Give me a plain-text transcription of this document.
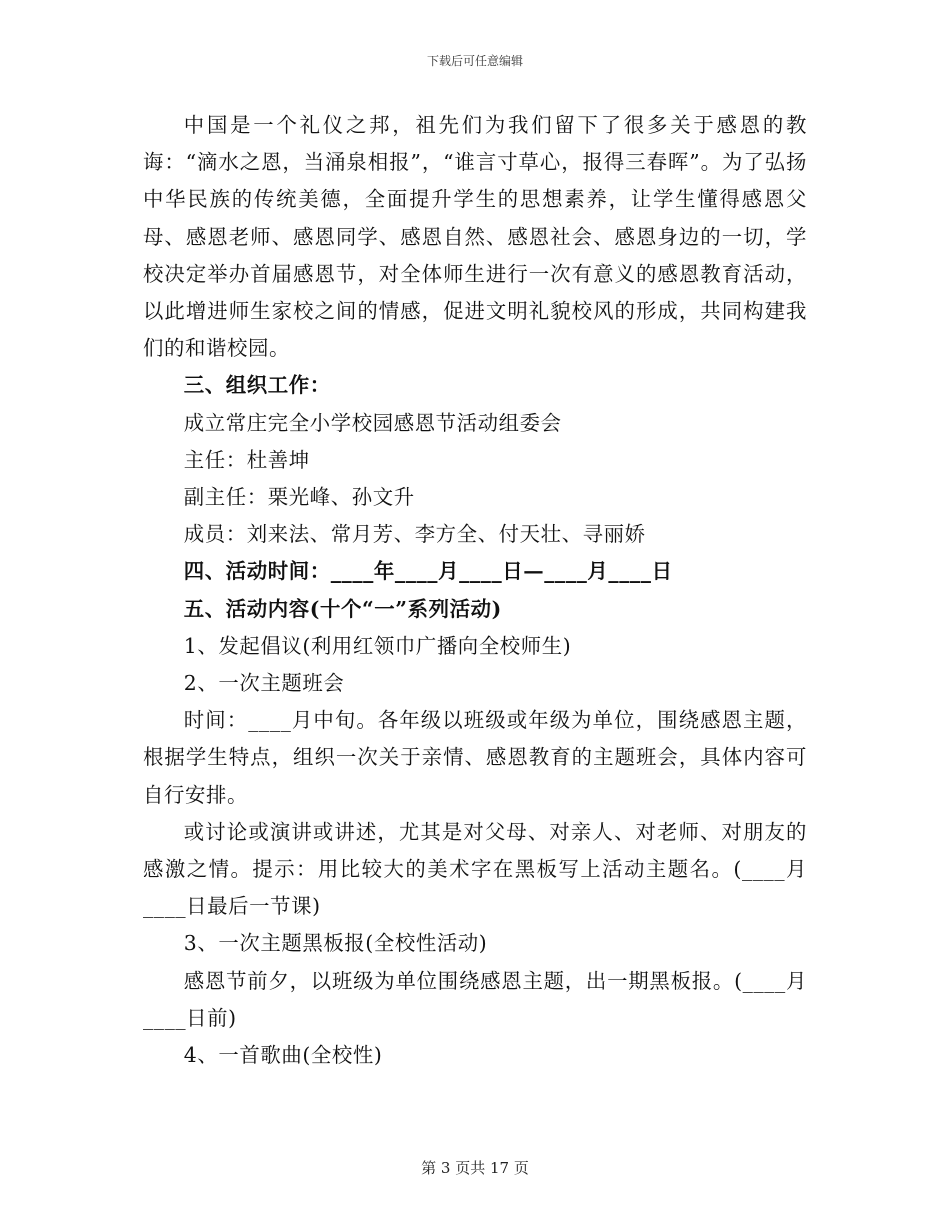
下载后可任意编辑

中国是一个礼仪之邦，祖先们为我们留下了很多关于感恩的教诲：“滴水之恩，当涌泉相报”，“谁言寸草心，报得三春晖”。为了弘扬中华民族的传统美德，全面提升学生的思想素养，让学生懂得感恩父母、感恩老师、感恩同学、感恩自然、感恩社会、感恩身边的一切，学校决定举办首届感恩节，对全体师生进行一次有意义的感恩教育活动，以此增进师生家校之间的情感，促进文明礼貌校风的形成，共同构建我们的和谐校园。

三、组织工作：

成立常庄完全小学校园感恩节活动组委会

主任：杜善坤

副主任：栗光峰、孙文升

成员：刘来法、常月芳、李方全、付天壮、寻丽娇

四、活动时间：____年____月____日—____月____日

五、活动内容(十个“一”系列活动)

1、发起倡议(利用红领巾广播向全校师生)

2、一次主题班会

时间：____月中旬。各年级以班级或年级为单位，围绕感恩主题，根据学生特点，组织一次关于亲情、感恩教育的主题班会，具体内容可自行安排。

或讨论或演讲或讲述，尤其是对父母、对亲人、对老师、对朋友的感激之情。提示：用比较大的美术字在黑板写上活动主题名。(____月____日最后一节课)

3、一次主题黑板报(全校性活动)

感恩节前夕，以班级为单位围绕感恩主题，出一期黑板报。(____月____日前)

4、一首歌曲(全校性)

第 3 页共 17 页
